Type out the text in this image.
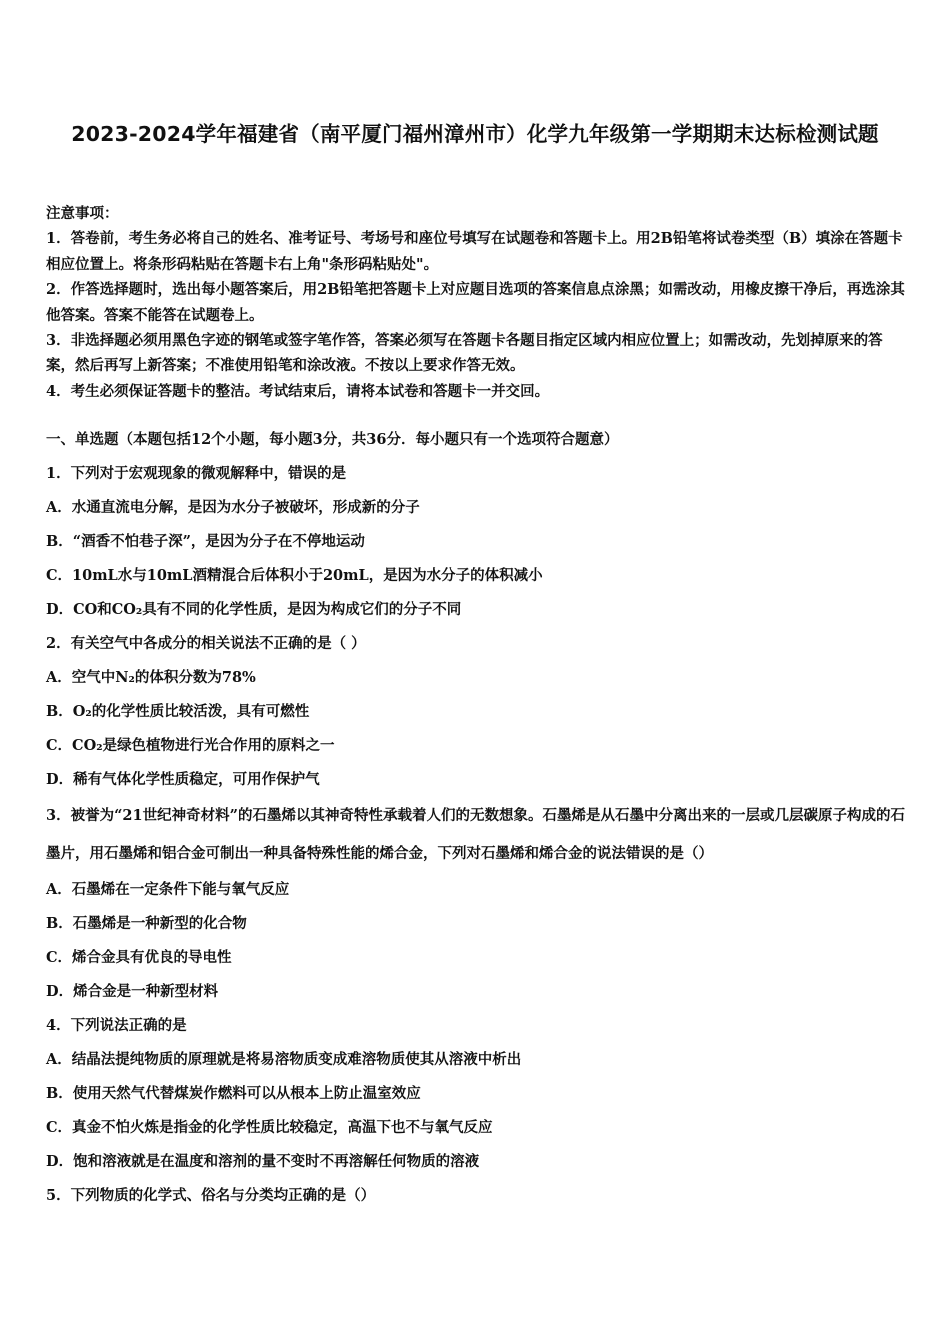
2023-2024学年福建省（南平厦门福州漳州市）化学九年级第一学期期末达标检测试题

注意事项：

1．答卷前，考生务必将自己的姓名、准考证号、考场号和座位号填写在试题卷和答题卡上。用2B铅笔将试卷类型（B）填涂在答题卡相应位置上。将条形码粘贴在答题卡右上角"条形码粘贴处"。

2．作答选择题时，选出每小题答案后，用2B铅笔把答题卡上对应题目选项的答案信息点涂黑；如需改动，用橡皮擦干净后，再选涂其他答案。答案不能答在试题卷上。

3．非选择题必须用黑色字迹的钢笔或签字笔作答，答案必须写在答题卡各题目指定区域内相应位置上；如需改动，先划掉原来的答案，然后再写上新答案；不准使用铅笔和涂改液。不按以上要求作答无效。

4．考生必须保证答题卡的整洁。考试结束后，请将本试卷和答题卡一并交回。

一、单选题（本题包括12个小题，每小题3分，共36分．每小题只有一个选项符合题意）
1．下列对于宏观现象的微观解释中，错误的是
A．水通直流电分解，是因为水分子被破坏，形成新的分子
B．“酒香不怕巷子深”，是因为分子在不停地运动
C．10mL水与10mL酒精混合后体积小于20mL，是因为水分子的体积减小
D．CO和CO₂具有不同的化学性质，是因为构成它们的分子不同
2．有关空气中各成分的相关说法不正确的是（ ）
A．空气中N₂的体积分数为78%
B．O₂的化学性质比较活泼，具有可燃性
C．CO₂是绿色植物进行光合作用的原料之一
D．稀有气体化学性质稳定，可用作保护气
3．被誉为“21世纪神奇材料”的石墨烯以其神奇特性承载着人们的无数想象。石墨烯是从石墨中分离出来的一层或几层碳原子构成的石墨片，用石墨烯和铝合金可制出一种具备特殊性能的烯合金，下列对石墨烯和烯合金的说法错误的是（）
A．石墨烯在一定条件下能与氧气反应
B．石墨烯是一种新型的化合物
C．烯合金具有优良的导电性
D．烯合金是一种新型材料
4．下列说法正确的是
A．结晶法提纯物质的原理就是将易溶物质变成难溶物质使其从溶液中析出
B．使用天然气代替煤炭作燃料可以从根本上防止温室效应
C．真金不怕火炼是指金的化学性质比较稳定，高温下也不与氧气反应
D．饱和溶液就是在温度和溶剂的量不变时不再溶解任何物质的溶液
5．下列物质的化学式、俗名与分类均正确的是（）
